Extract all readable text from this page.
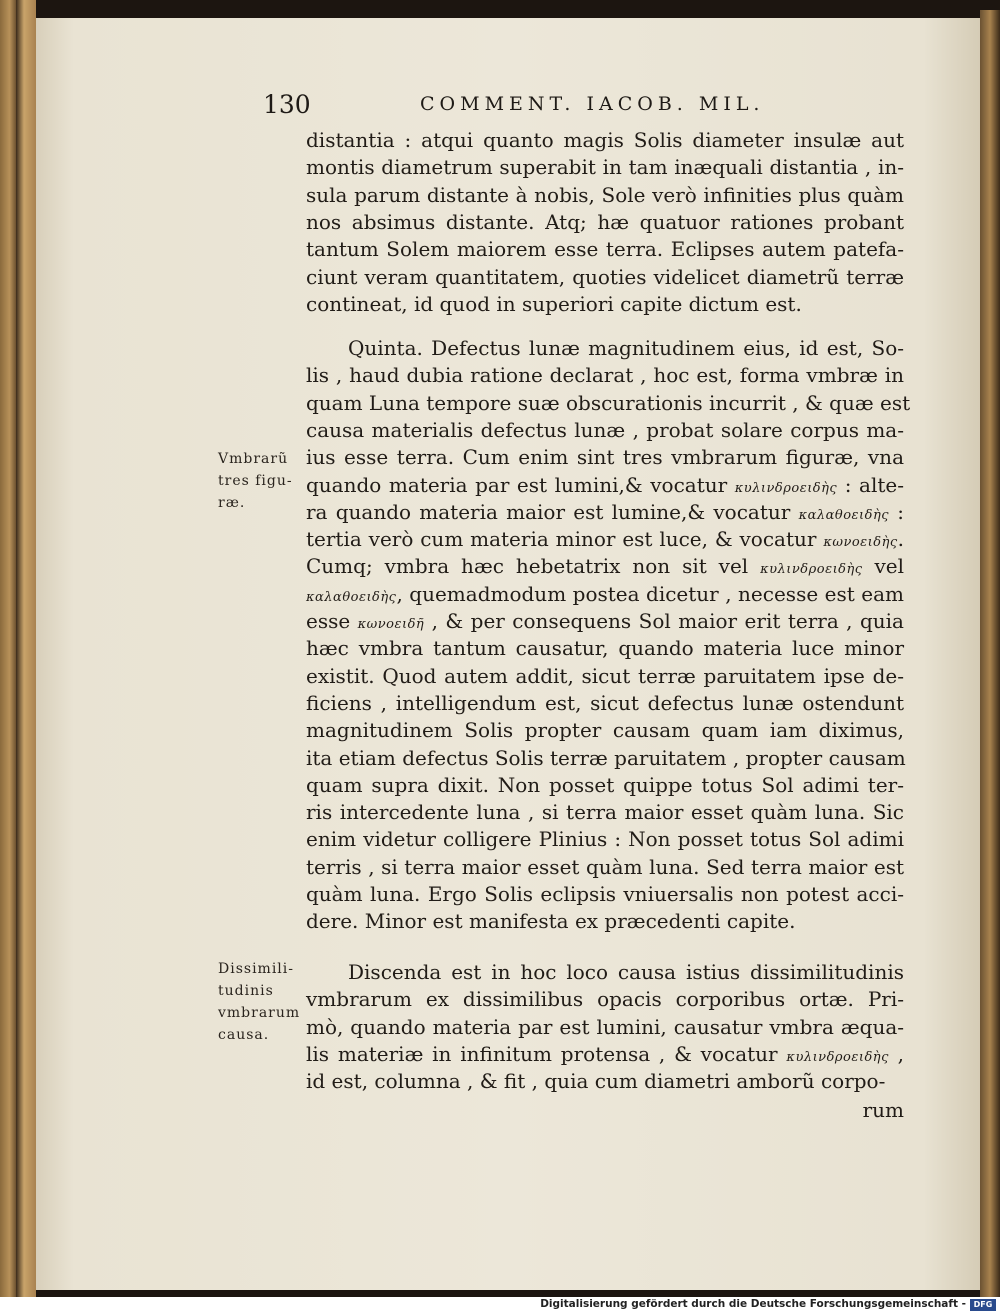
130	COMMENT. IACOB. MIL.
distantia : atqui quanto magis Solis diameter insulæ aut
montis diametrum superabit in tam inæquali distantia , in-
sula parum distante à nobis, Sole verò infinities plus quàm
nos absimus distante. Atq; hæ quatuor rationes probant
tantum Solem maiorem esse terra. Eclipses autem patefa-
ciunt veram quantitatem, quoties videlicet diametrũ terræ
contineat, id quod in superiori capite dictum est.
Quinta. Defectus lunæ magnitudinem eius, id est, So-
lis , haud dubia ratione declarat , hoc est, forma vmbræ in
quam Luna tempore suæ obscurationis incurrit , & quæ est
causa materialis defectus lunæ , probat solare corpus ma-
ius esse terra. Cum enim sint tres vmbrarum figuræ, vna
quando materia par est lumini,& vocatur κυλινδροειδὴς : alte-
ra quando materia maior est lumine,& vocatur καλαθοειδὴς :
tertia verò cum materia minor est luce, & vocatur κωνοειδὴς.
Cumq; vmbra hæc hebetatrix non sit vel κυλινδροειδὴς vel
καλαθοειδὴς, quemadmodum postea dicetur , necesse est eam
esse κωνοειδῆ , & per consequens Sol maior erit terra , quia
hæc vmbra tantum causatur, quando materia luce minor
existit. Quod autem addit, sicut terræ paruitatem ipse de-
ficiens , intelligendum est, sicut defectus lunæ ostendunt
magnitudinem Solis propter causam quam iam diximus,
ita etiam defectus Solis terræ paruitatem , propter causam
quam supra dixit. Non posset quippe totus Sol adimi ter-
ris intercedente luna , si terra maior esset quàm luna. Sic
enim videtur colligere Plinius : Non posset totus Sol adimi
terris , si terra maior esset quàm luna. Sed terra maior est
quàm luna. Ergo Solis eclipsis vniuersalis non potest acci-
dere. Minor est manifesta ex præcedenti capite.
Discenda est in hoc loco causa istius dissimilitudinis
vmbrarum ex dissimilibus opacis corporibus ortæ. Pri-
mò, quando materia par est lumini, causatur vmbra æqua-
lis materiæ in infinitum protensa , & vocatur κυλινδροειδὴς ,
id est, columna , & fit , quia cum diametri amborũ corpo-
Vmbrarũ
tres figu-
ræ.
Dissimili-
tudinis
vmbrarum
causa.
rum
Digitalisierung gefördert durch die Deutsche Forschungsgemeinschaft - DFG
